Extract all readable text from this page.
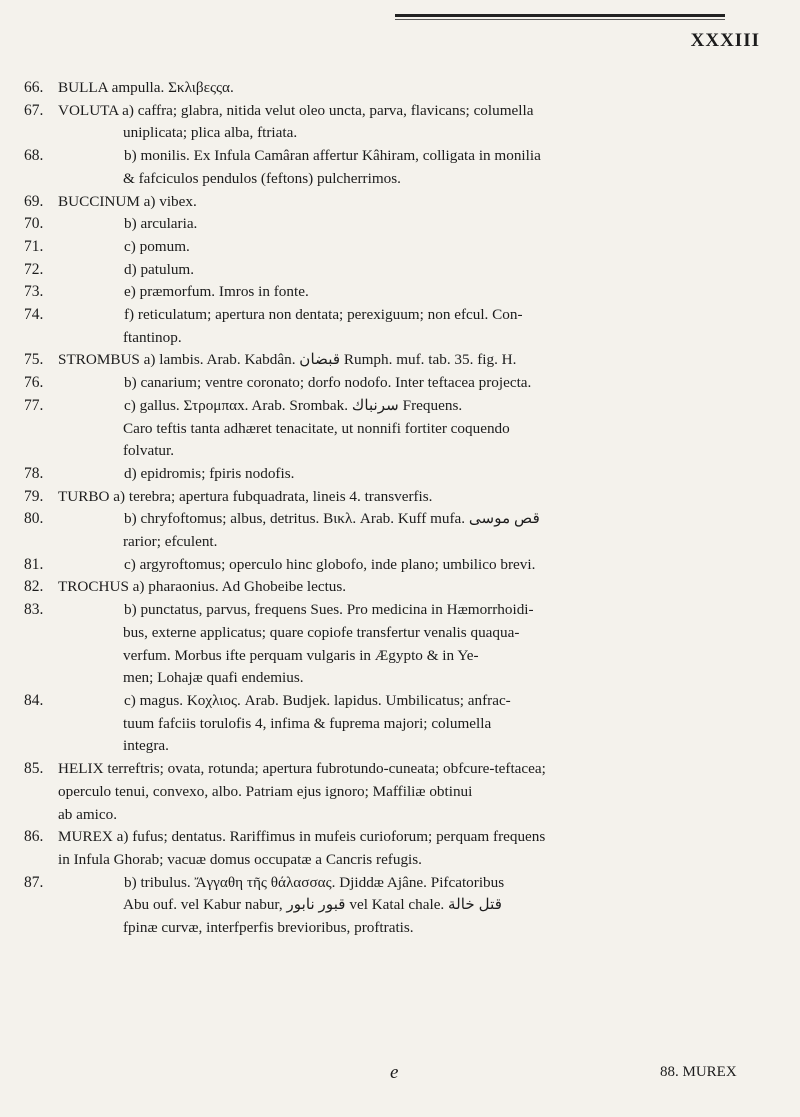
XXXIII
66. BULLA ampulla. Σκλιβεςςα.
67. VOLUTA a) caffra; glabra, nitida velut oleo uncta, parva, flavicans; columella
uniplicata; plica alba, ftriata.
68.	b) monilis. Ex Infula Camâran affertur Kâhiram, colligata in monilia
& fafciculos pendulos (feftons) pulcherrimos.
69. BUCCINUM a) vibex.
70.	b) arcularia.
71.	c) pomum.
72.	d) patulum.
73.	e) præmorfum. Imros in fonte.
74.	f) reticulatum; apertura non dentata; perexiguum; non efcul. Con-
ftantinop.
75. STROMBUS a) lambis. Arab. Kabdân. قبضان Rumph. muf. tab. 35. fig. H.
76.	b) canarium; ventre coronato; dorfo nodofo. Inter teftacea projecta.
77.	c) gallus. Στρομπαx. Arab. Srombak. سرنباك Frequens.
Caro teftis tanta adhæret tenacitate, ut nonnifi fortiter coquendo
folvatur.
78.	d) epidromis; fpiris nodofis.
79. TURBO a) terebra; apertura fubquadrata, lineis 4. transverfis.
80.	b) chryfoftomus; albus, detritus. Βικλ. Arab. Kuff mufa. قص موسى
rarior; efculent.
81.	c) argyroftomus; operculo hinc globofo, inde plano; umbilico brevi.
82. TROCHUS a) pharaonius. Ad Ghobeibe lectus.
83.	b) punctatus, parvus, frequens Sues. Pro medicina in Hæmorrhoidi-
bus, externe applicatus; quare copiofe transfertur venalis quaqua-
verfum. Morbus ifte perquam vulgaris in Ægypto & in Ye-
men; Lohajæ quafi endemius.
84.	c) magus. Κοχλιος. Arab. Budjek. lapidus. Umbilicatus; anfrac-
tuum fafciis torulofis 4, infima & fuprema majori; columella
integra.
85. HELIX terreftris; ovata, rotunda; apertura fubrotundo-cuneata; obfcure-teftacea;
operculo tenui, convexo, albo. Patriam ejus ignoro; Maffiliæ obtinui
ab amico.
86. MUREX a) fufus; dentatus. Rariffimus in mufeis curioforum; perquam frequens
in Infula Ghorab; vacuæ domus occupatæ a Cancris refugis.
87.	b) tribulus. Ἄγγαθη τῆς θάλασσας. Djiddæ Ajâne. Pifcatoribus
Abu ouf. vel Kabur nabur, قبور نابور vel Katal chale. قتل خالة
fpinæ curvæ, interfperfis brevioribus, proftratis.
e	88. MUREX
